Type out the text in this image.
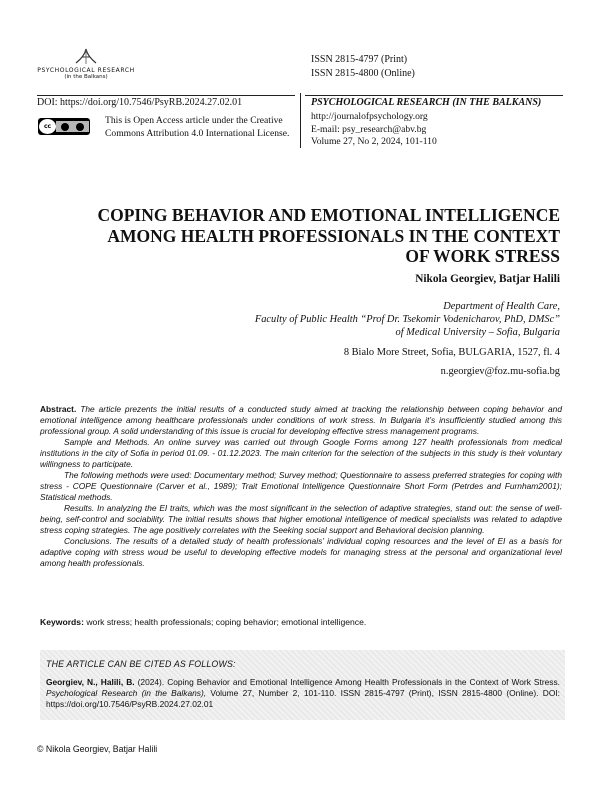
PSYCHOLOGICAL RESEARCH
(in the Balkans)
ISSN 2815-4797 (Print)
ISSN 2815-4800 (Online)
DOI: https://doi.org/10.7546/PsyRB.2024.27.02.01
cc
This is Open Access article under the Creative Commons Attribution 4.0 International License.
PSYCHOLOGICAL RESEARCH (IN THE BALKANS)
http://journalofpsychology.org
E-mail: psy_research@abv.bg
Volume 27, No 2, 2024, 101-110
COPING BEHAVIOR AND EMOTIONAL INTELLIGENCE
AMONG HEALTH PROFESSIONALS IN THE CONTEXT
OF WORK STRESS
Nikola Georgiev, Batjar Halili
Department of Health Care,
Faculty of Public Health “Prof Dr. Tsekomir Vodenicharov, PhD, DMSc”
of Medical University – Sofia, Bulgaria
8 Bialo More Street, Sofia, BULGARIA, 1527, fl. 4
n.georgiev@foz.mu-sofia.bg

Abstract. The article prezents the initial results of a conducted study aimed at tracking the relationship between coping behavior and emotional intelligence among healthcare professionals under conditions of work stress. In Bulgaria it’s insufficiently studied among this professional group. A solid understanding of this issue is crucial for developing effective stress management programs.

Sample and Methods. An online survey was carried out through Google Forms among 127 health professionals from medical institutions in the city of Sofia in period 01.09. - 01.12.2023. The main criterion for the selection of the subjects in this study is their voluntary willingness to participate.

The following methods were used: Documentary method; Survey method; Questionnaire to assess preferred strategies for coping with stress - COPE Questionnaire (Carver et al., 1989); Trait Emotional Intelligence Questionnaire Short Form (Petrdes and Furnham2001); Statistical methods.

Results. In analyzing the EI traits, which was the most significant in the selection of adaptive strategies, stand out: the sense of well-being, self-control and sociability. The initial results shows that higher emotional intelligence of medical specialists was related to adaptive stress coping strategies. The age positively correlates with the Seeking social support and Behavioral decision planning.

Conclusions. The results of a detailed study of health professionals’ individual coping resources and the level of EI as a basis for adaptive coping with stress woud be useful to developing effective models for managing stress at the personal and organizational level among health professionals.

Keywords: work stress; health professionals; coping behavior; emotional intelligence.
THE ARTICLE CAN BE CITED AS FOLLOWS:
Georgiev, N., Halili, B. (2024). Coping Behavior and Emotional Intelligence Among Health Professionals in the Context of Work Stress. Psychological Research (in the Balkans), Volume 27, Number 2, 101-110. ISSN 2815-4797 (Print), ISSN 2815-4800 (Online). DOI: https://doi.org/10.7546/PsyRB.2024.27.02.01
© Nikola Georgiev, Batjar Halili
